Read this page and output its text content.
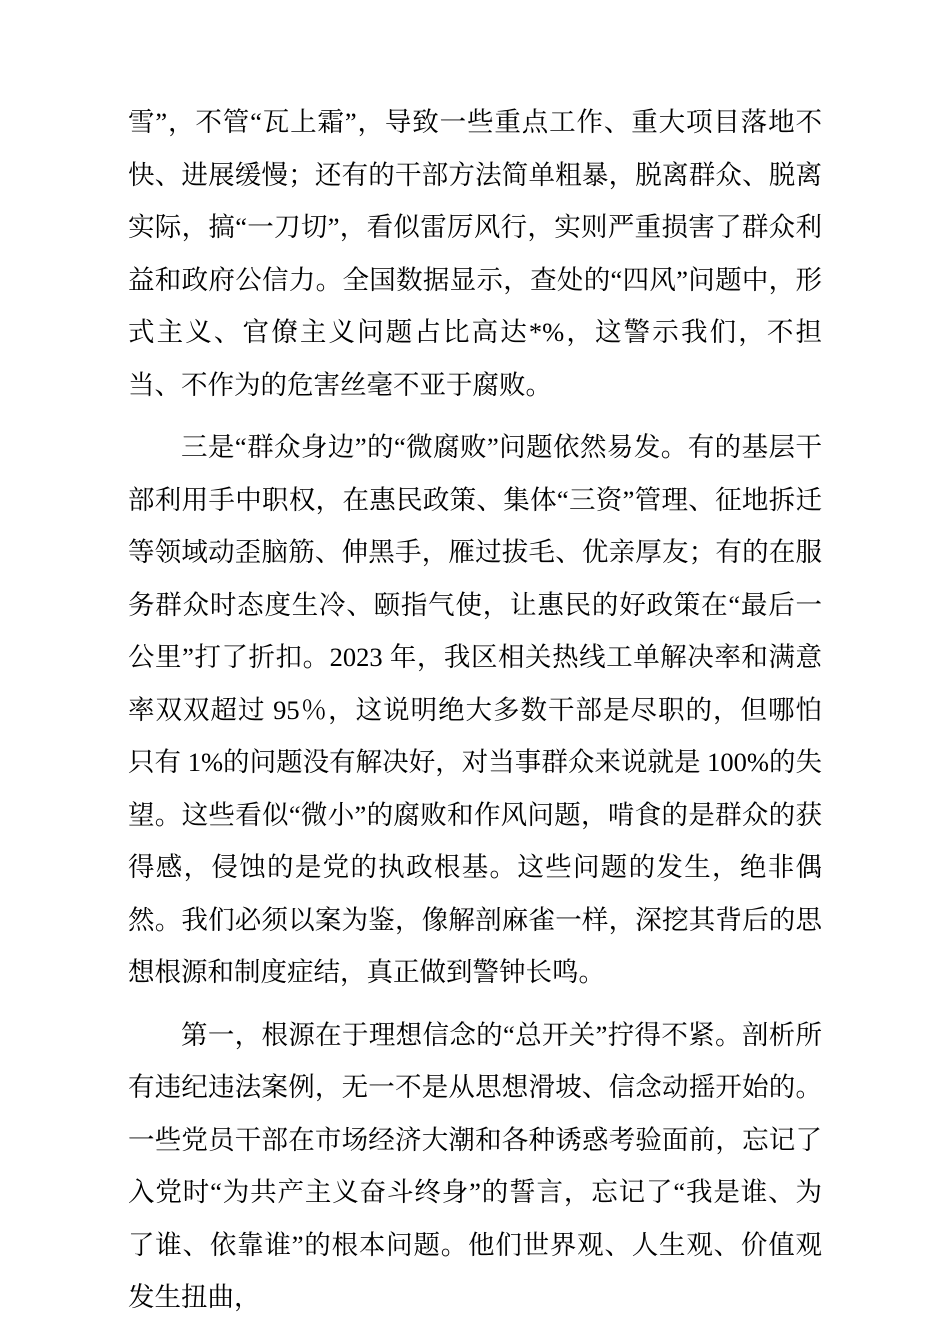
雪”，不管“瓦上霜”，导致一些重点工作、重大项目落地不快、进展缓慢；还有的干部方法简单粗暴，脱离群众、脱离实际，搞“一刀切”，看似雷厉风行，实则严重损害了群众利益和政府公信力。全国数据显示，查处的“四风”问题中，形式主义、官僚主义问题占比高达*%，这警示我们，不担当、不作为的危害丝毫不亚于腐败。

三是“群众身边”的“微腐败”问题依然易发。有的基层干部利用手中职权，在惠民政策、集体“三资”管理、征地拆迁等领域动歪脑筋、伸黑手，雁过拔毛、优亲厚友；有的在服务群众时态度生冷、颐指气使，让惠民的好政策在“最后一公里”打了折扣。2023 年，我区相关热线工单解决率和满意率双双超过 95％，这说明绝大多数干部是尽职的，但哪怕只有 1%的问题没有解决好，对当事群众来说就是 100%的失望。这些看似“微小”的腐败和作风问题，啃食的是群众的获得感，侵蚀的是党的执政根基。这些问题的发生，绝非偶然。我们必须以案为鉴，像解剖麻雀一样，深挖其背后的思想根源和制度症结，真正做到警钟长鸣。

第一，根源在于理想信念的“总开关”拧得不紧。剖析所有违纪违法案例，无一不是从思想滑坡、信念动摇开始的。一些党员干部在市场经济大潮和各种诱惑考验面前，忘记了入党时“为共产主义奋斗终身”的誓言，忘记了“我是谁、为了谁、依靠谁”的根本问题。他们世界观、人生观、价值观发生扭曲，
